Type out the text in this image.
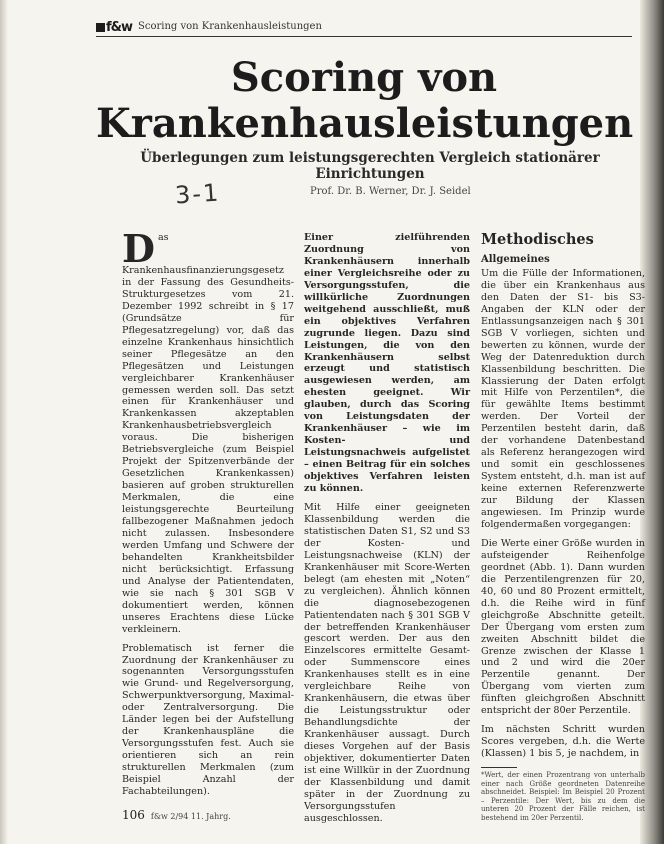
f&w Scoring von Krankenhausleistungen
Scoring von
Krankenhausleistungen
Überlegungen zum leistungsgerechten Vergleich stationärer Einrichtungen
3-1	Prof. Dr. B. Werner, Dr. J. Seidel

Das Krankenhausfinanzierungsgesetz in der Fassung des Gesundheits-Strukturgesetzes vom 21. Dezember 1992 schreibt in § 17 (Grundsätze für Pflegesatzregelung) vor, daß das einzelne Krankenhaus hinsichtlich seiner Pflegesätze an den Pflegesätzen und Leistungen vergleichbarer Krankenhäuser gemessen werden soll. Das setzt einen für Krankenhäuser und Krankenkassen akzeptablen Krankenhausbetriebsvergleich voraus. Die bisherigen Betriebsvergleiche (zum Beispiel Projekt der Spitzenverbände der Gesetzlichen Krankenkassen) basieren auf groben strukturellen Merkmalen, die eine leistungsgerechte Beurteilung fallbezogener Maßnahmen jedoch nicht zulassen. Insbesondere werden Umfang und Schwere der behandelten Krankheitsbilder nicht berücksichtigt. Erfassung und Analyse der Patientendaten, wie sie nach § 301 SGB V dokumentiert werden, können unseres Erachtens diese Lücke verkleinern.

Problematisch ist ferner die Zuordnung der Krankenhäuser zu sogenannten Versorgungsstufen wie Grund- und Regelversorgung, Schwerpunktversorgung, Maximal- oder Zentralversorgung. Die Länder legen bei der Aufstellung der Krankenhauspläne die Versorgungsstufen fest. Auch sie orientieren sich an rein strukturellen Merkmalen (zum Beispiel Anzahl der Fachabteilungen).

Einer zielführenden Zuordnung von Krankenhäusern innerhalb einer Vergleichsreihe oder zu Versorgungsstufen, die willkürliche Zuordnungen weitgehend ausschließt, muß ein objektives Verfahren zugrunde liegen. Dazu sind Leistungen, die von den Krankenhäusern selbst erzeugt und statistisch ausgewiesen werden, am ehesten geeignet. Wir glauben, durch das Scoring von Leistungsdaten der Krankenhäuser – wie im Kosten- und Leistungsnachweis aufgelistet – einen Beitrag für ein solches objektives Verfahren leisten zu können.

Mit Hilfe einer geeigneten Klassenbildung werden die statistischen Daten S1, S2 und S3 der Kosten- und Leistungsnachweise (KLN) der Krankenhäuser mit Score-Werten belegt (am ehesten mit „Noten“ zu vergleichen). Ähnlich können die diagnosebezogenen Patientendaten nach § 301 SGB V der betreffenden Krankenhäuser gescort werden. Der aus den Einzelscores ermittelte Gesamt- oder Summenscore eines Krankenhauses stellt es in eine vergleichbare Reihe von Krankenhäusern, die etwas über die Leistungsstruktur oder Behandlungsdichte der Krankenhäuser aussagt. Durch dieses Vorgehen auf der Basis objektiver, dokumentierter Daten ist eine Willkür in der Zuordnung der Klassenbildung und damit später in der Zuordnung zu Versorgungsstufen ausgeschlossen.

Methodisches
Allgemeines

Um die Fülle der Informationen, die über ein Krankenhaus aus den Daten der S1- bis S3-Angaben der KLN oder der Entlassungsanzeigen nach § 301 SGB V vorliegen, sichten und bewerten zu können, wurde der Weg der Datenreduktion durch Klassenbildung beschritten. Die Klassierung der Daten erfolgt mit Hilfe von Perzentilen*, die für gewählte Items bestimmt werden. Der Vorteil der Perzentilen besteht darin, daß der vorhandene Datenbestand als Referenz herangezogen wird und somit ein geschlossenes System entsteht, d.h. man ist auf keine externen Referenzwerte zur Bildung der Klassen angewiesen. Im Prinzip wurde folgendermaßen vorgegangen:

Die Werte einer Größe wurden in aufsteigender Reihenfolge geordnet (Abb. 1). Dann wurden die Perzentilengrenzen für 20, 40, 60 und 80 Prozent ermittelt, d.h. die Reihe wird in fünf gleichgroße Abschnitte geteilt. Der Übergang vom ersten zum zweiten Abschnitt bildet die Grenze zwischen der Klasse 1 und 2 und wird die 20er Perzentile genannt. Der Übergang vom vierten zum fünften gleichgroßen Abschnitt entspricht der 80er Perzentile.

Im nächsten Schritt wurden Scores vergeben, d.h. die Werte (Klassen) 1 bis 5, je nachdem, in

*Wert, der einen Prozentrang von unterhalb einer nach Größe geordneten Datenreihe abschneidet. Beispiel: Im Beispiel 20 Prozent – Perzentile: Der Wert, bis zu dem die unteren 20 Prozent der Fälle reichen, ist bestehend im 20er Perzentil.
106 f&w 2/94 11. Jahrg.
